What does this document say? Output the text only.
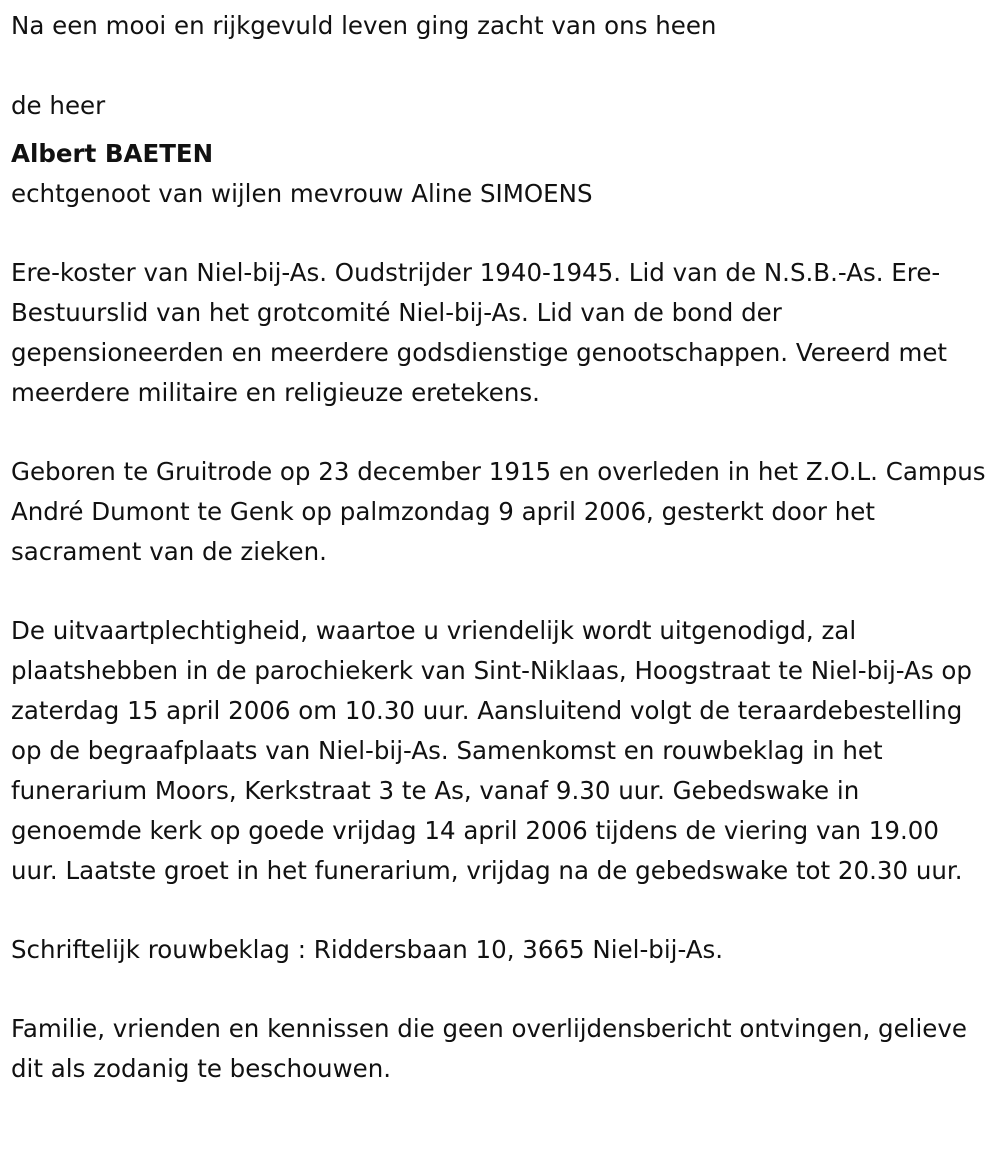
Na een mooi en rijkgevuld leven ging zacht van ons heen

de heer

Albert BAETEN

echtgenoot van wijlen mevrouw Aline SIMOENS

Ere-koster van Niel-bij-As. Oudstrijder 1940-1945. Lid van de N.S.B.-As. Ere-Bestuurslid van het grotcomité Niel-bij-As. Lid van de bond der gepensioneerden en meerdere godsdienstige genootschappen. Vereerd met meerdere militaire en religieuze eretekens.

Geboren te Gruitrode op 23 december 1915 en overleden in het Z.O.L. Campus André Dumont te Genk op palmzondag 9 april 2006, gesterkt door het sacrament van de zieken.

De uitvaartplechtigheid, waartoe u vriendelijk wordt uitgenodigd, zal plaatshebben in de parochiekerk van Sint-Niklaas, Hoogstraat te Niel-bij-As op zaterdag 15 april 2006 om 10.30 uur. Aansluitend volgt de teraardebestelling op de begraafplaats van Niel-bij-As. Samenkomst en rouwbeklag in het funerarium Moors, Kerkstraat 3 te As, vanaf 9.30 uur. Gebedswake in genoemde kerk op goede vrijdag 14 april 2006 tijdens de viering van 19.00 uur. Laatste groet in het funerarium, vrijdag na de gebedswake tot 20.30 uur.

Schriftelijk rouwbeklag : Riddersbaan 10, 3665 Niel-bij-As.

Familie, vrienden en kennissen die geen overlijdensbericht ontvingen, gelieve dit als zodanig te beschouwen.
